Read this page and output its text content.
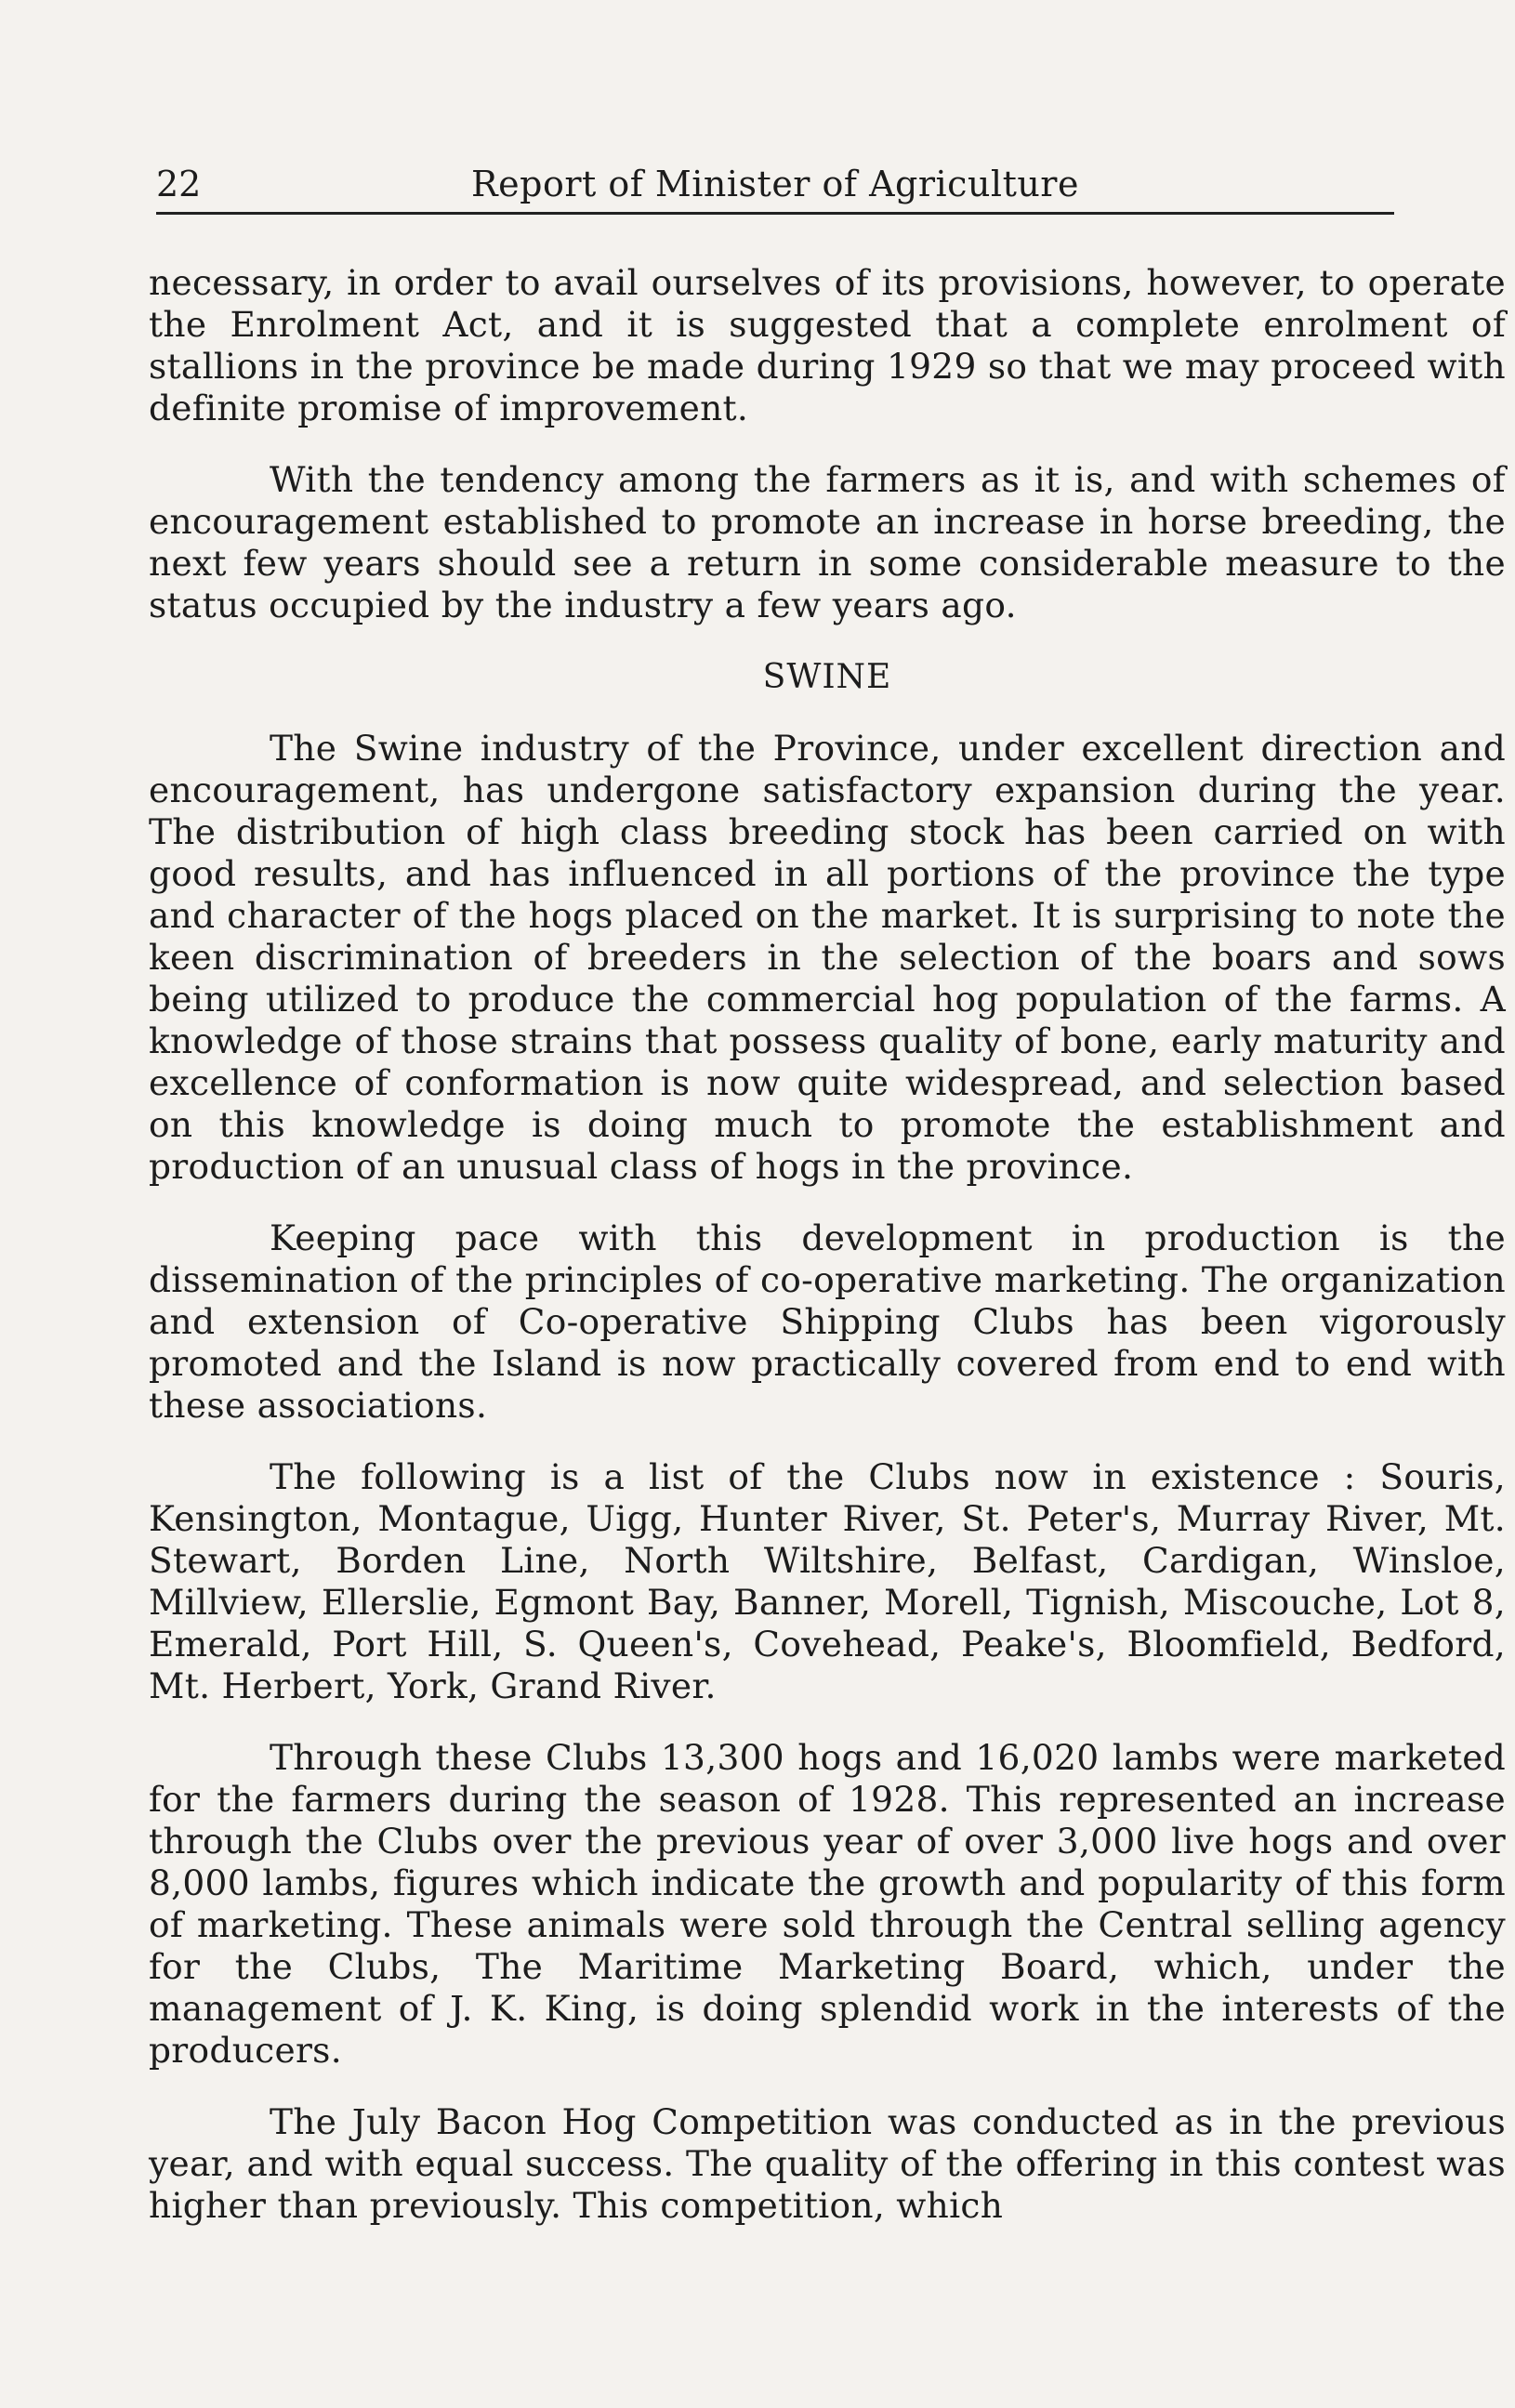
22	Report of Minister of Agriculture

necessary, in order to avail ourselves of its provisions, however, to operate the Enrolment Act, and it is suggested that a complete enrolment of stallions in the province be made during 1929 so that we may proceed with definite promise of improvement.

With the tendency among the farmers as it is, and with schemes of encouragement established to promote an increase in horse breeding, the next few years should see a return in some considerable measure to the status occupied by the industry a few years ago.

SWINE

The Swine industry of the Province, under excellent direction and encouragement, has undergone satisfactory expansion during the year. The distribution of high class breeding stock has been carried on with good results, and has influenced in all portions of the province the type and character of the hogs placed on the market. It is surprising to note the keen discrimination of breeders in the selection of the boars and sows being utilized to produce the commercial hog population of the farms. A knowledge of those strains that possess quality of bone, early maturity and excellence of conformation is now quite widespread, and selection based on this knowledge is doing much to promote the establishment and production of an unusual class of hogs in the province.

Keeping pace with this development in production is the dissemination of the principles of co-operative marketing. The organization and extension of Co-operative Shipping Clubs has been vigorously promoted and the Island is now practically covered from end to end with these associations.

The following is a list of the Clubs now in existence : Souris, Kensington, Montague, Uigg, Hunter River, St. Peter's, Murray River, Mt. Stewart, Borden Line, North Wiltshire, Belfast, Cardigan, Winsloe, Millview, Ellerslie, Egmont Bay, Banner, Morell, Tignish, Miscouche, Lot 8, Emerald, Port Hill, S. Queen's, Covehead, Peake's, Bloomfield, Bedford, Mt. Herbert, York, Grand River.

Through these Clubs 13,300 hogs and 16,020 lambs were marketed for the farmers during the season of 1928. This represented an increase through the Clubs over the previous year of over 3,000 live hogs and over 8,000 lambs, figures which indicate the growth and popularity of this form of marketing. These animals were sold through the Central selling agency for the Clubs, The Maritime Marketing Board, which, under the management of J. K. King, is doing splendid work in the interests of the producers.

The July Bacon Hog Competition was conducted as in the previous year, and with equal success. The quality of the offering in this contest was higher than previously. This competition, which
